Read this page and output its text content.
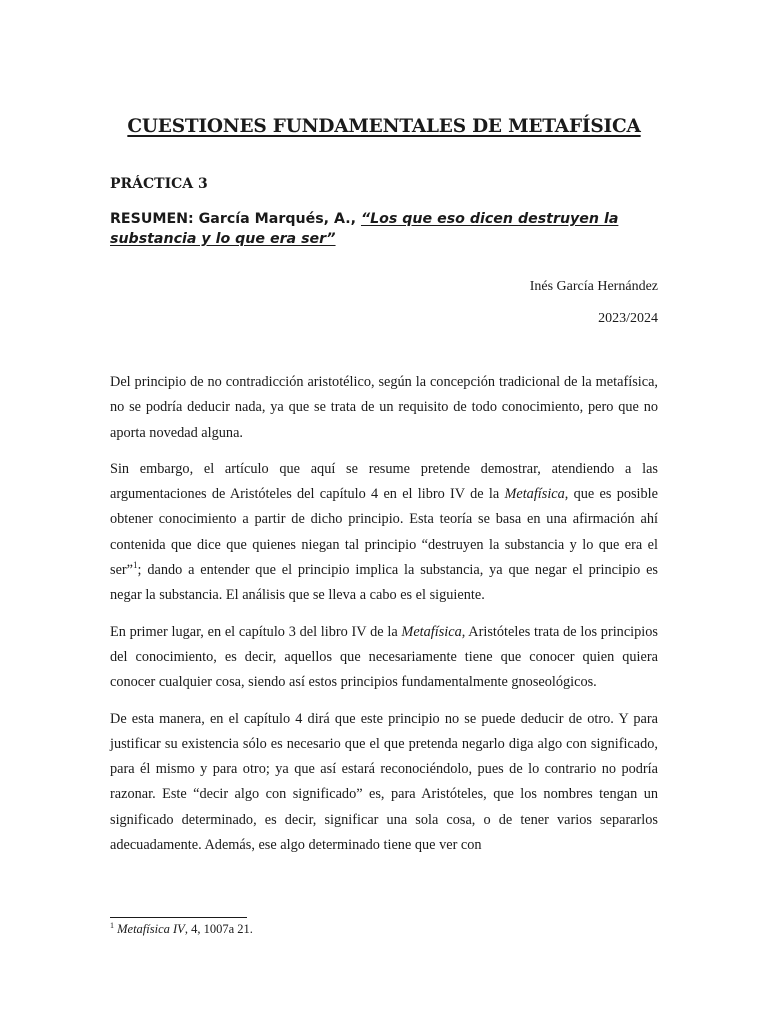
CUESTIONES FUNDAMENTALES DE METAFÍSICA
PRÁCTICA 3
RESUMEN: García Marqués, A., “Los que eso dicen destruyen la substancia y lo que era ser”
Inés García Hernández
2023/2024

Del principio de no contradicción aristotélico, según la concepción tradicional de la metafísica, no se podría deducir nada, ya que se trata de un requisito de todo conocimiento, pero que no aporta novedad alguna.

Sin embargo, el artículo que aquí se resume pretende demostrar, atendiendo a las argumentaciones de Aristóteles del capítulo 4 en el libro IV de la Metafísica, que es posible obtener conocimiento a partir de dicho principio. Esta teoría se basa en una afirmación ahí contenida que dice que quienes niegan tal principio “destruyen la substancia y lo que era el ser”$^1$; dando a entender que el principio implica la substancia, ya que negar el principio es negar la substancia. El análisis que se lleva a cabo es el siguiente.

En primer lugar, en el capítulo 3 del libro IV de la Metafísica, Aristóteles trata de los principios del conocimiento, es decir, aquellos que necesariamente tiene que conocer quien quiera conocer cualquier cosa, siendo así estos principios fundamentalmente gnoseológicos.

De esta manera, en el capítulo 4 dirá que este principio no se puede deducir de otro. Y para justificar su existencia sólo es necesario que el que pretenda negarlo diga algo con significado, para él mismo y para otro; ya que así estará reconociéndolo, pues de lo contrario no podría razonar. Este “decir algo con significado” es, para Aristóteles, que los nombres tengan un significado determinado, es decir, significar una sola cosa, o de tener varios separarlos adecuadamente. Además, ese algo determinado tiene que ver con

$^1$ Metafísica IV, 4, 1007a 21.
